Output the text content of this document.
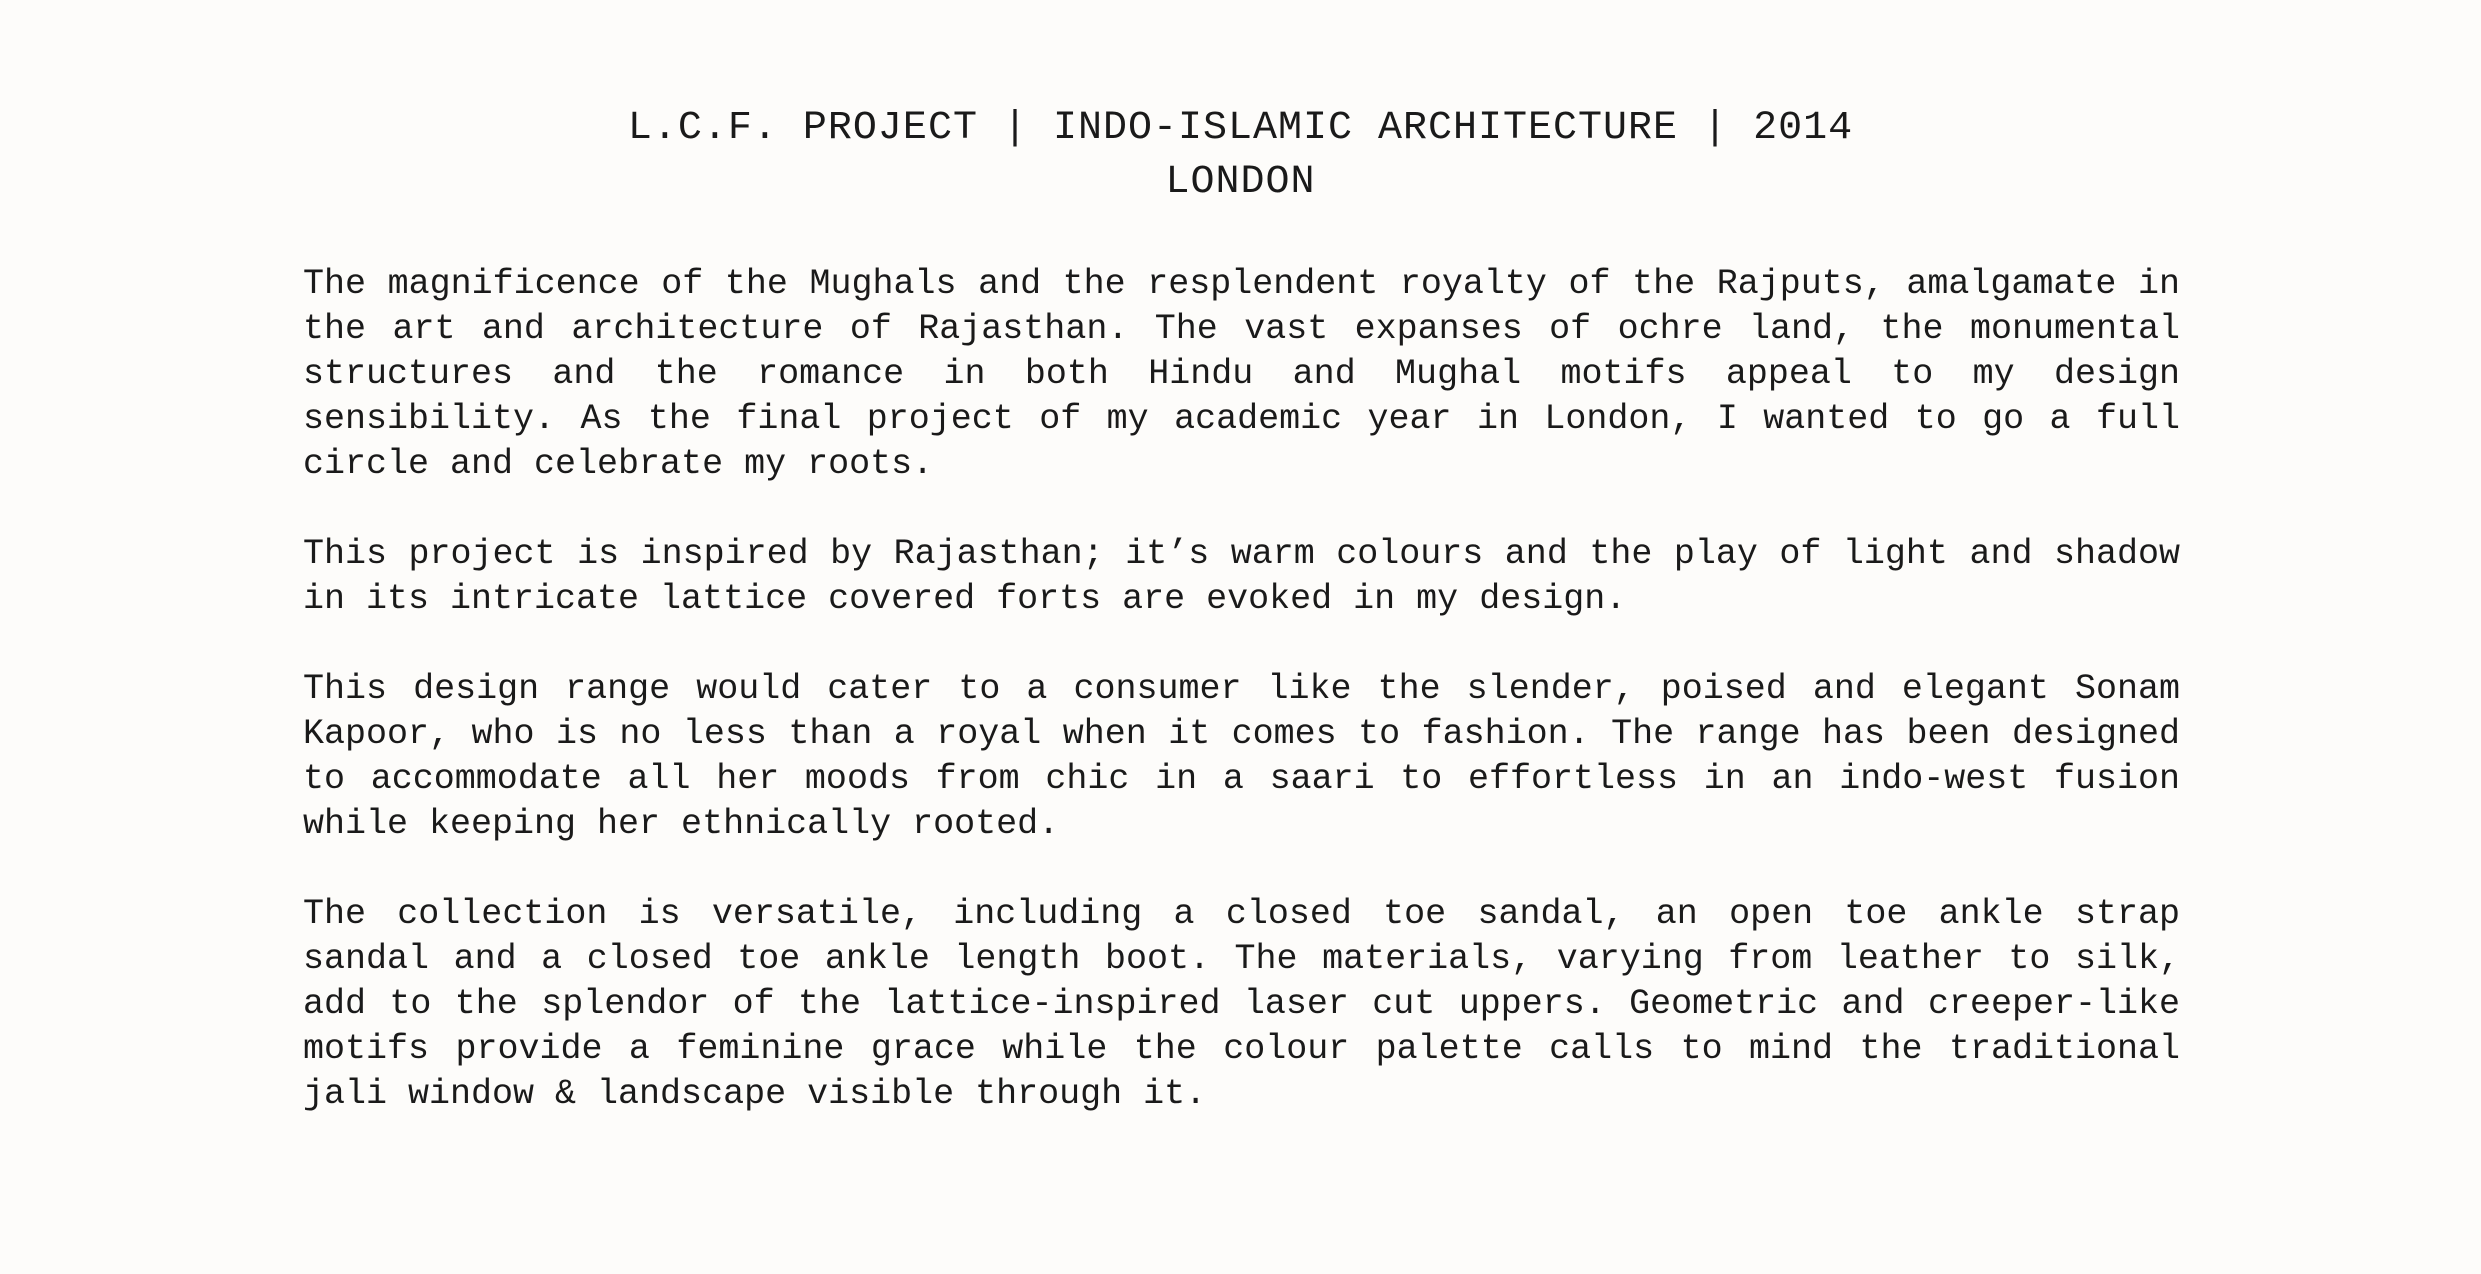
L.C.F. PROJECT | INDO-ISLAMIC ARCHITECTURE | 2014
LONDON

The magnificence of the Mughals and the resplendent royalty of the Rajputs, amalgamate in the art and architecture of Rajasthan. The vast expanses of ochre land, the monumental structures and the romance in both Hindu and Mughal motifs appeal to my design sensibility. As the final project of my academic year in London, I wanted to go a full circle and celebrate my roots.

This project is inspired by Rajasthan; it’s warm colours and the play of light and shadow in its intricate lattice covered forts are evoked in my design.

This design range would cater to a consumer like the slender, poised and elegant Sonam Kapoor, who is no less than a royal when it comes to fashion. The range has been designed to accommodate all her moods from chic in a saari to effortless in an indo-west fusion while keeping her ethnically rooted.

The collection is versatile, including a closed toe sandal, an open toe ankle strap sandal and a closed toe ankle length boot. The materials, varying from leather to silk, add to the splendor of the lattice-inspired laser cut uppers. Geometric and creeper-like motifs provide a feminine grace while the colour palette calls to mind the traditional jali window & landscape visible through it.
